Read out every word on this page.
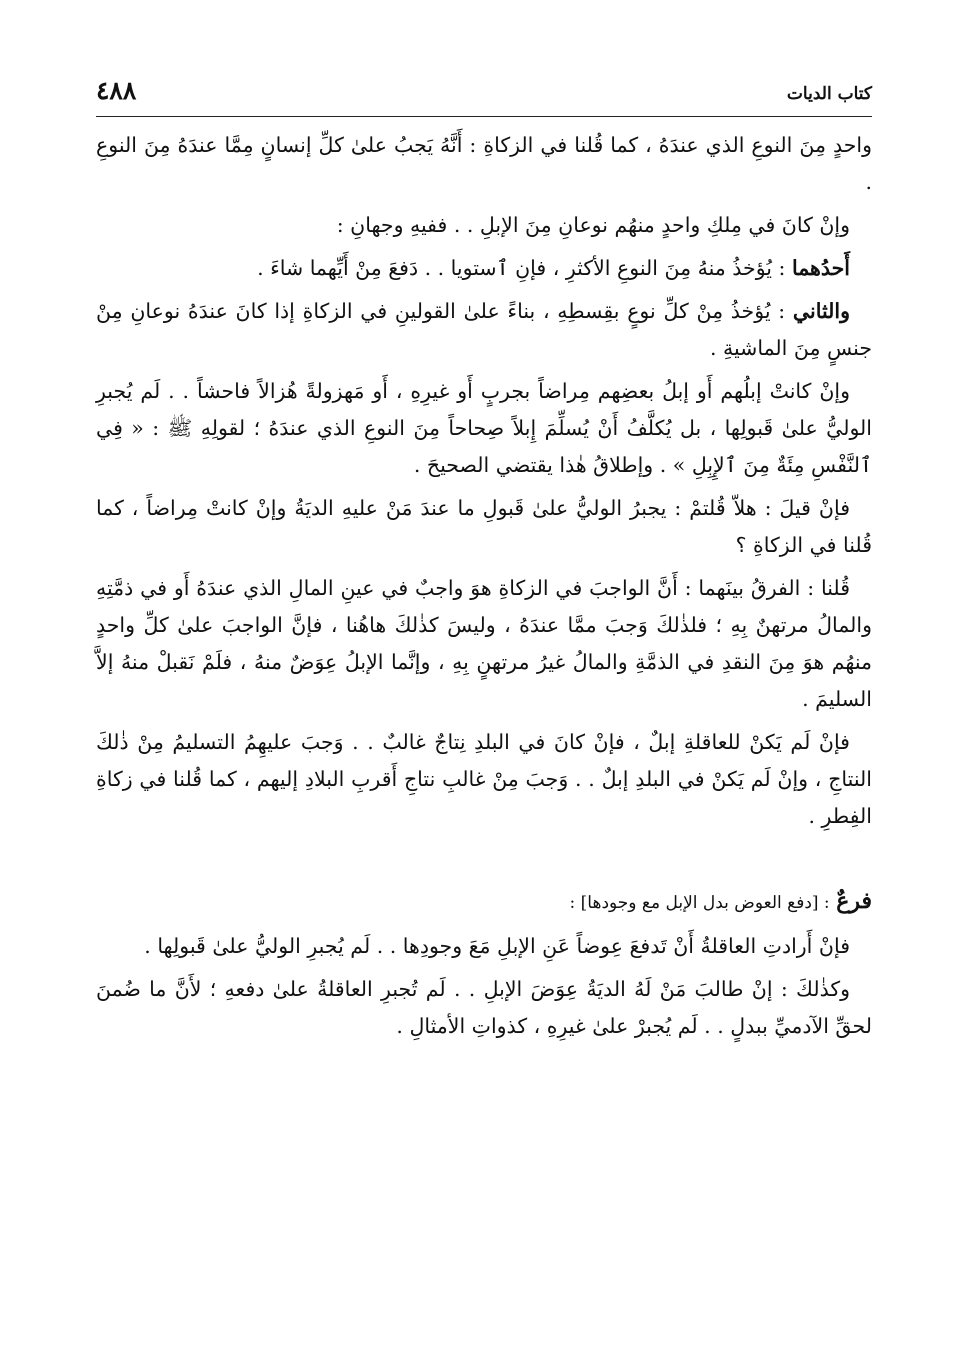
كتاب الديات
٤٨٨

واحدٍ مِنَ النوعِ الذي عندَهُ ، كما قُلنا في الزكاةِ : أَنَّهُ يَجبُ علىٰ كلِّ إنسانٍ مِمَّا عندَهُ مِنَ النوعِ .

وإنْ كانَ في مِلكِ واحدٍ منهُم نوعانِ مِنَ الإبلِ . . ففيهِ وجهانِ :

أَحدُهما : يُؤخذُ منهُ مِنَ النوعِ الأكثرِ ، فإنِ ٱستويا . . دَفعَ مِنْ أَيِّهما شاءَ .

والثاني : يُؤخذُ مِنْ كلِّ نوعٍ بقِسطِهِ ، بناءً علىٰ القولينِ في الزكاةِ إذا كانَ عندَهُ نوعانِ مِنْ جنسٍ مِنَ الماشيةِ .

وإنْ كانتْ إبلُهم أَو إبلُ بعضِهم مِراضاً بجربٍ أَو غيرِهِ ، أَو مَهزولةً هُزالاً فاحشاً . . لَم يُجبرِ الوليُّ علىٰ قَبولِها ، بل يُكلَّفُ أَنْ يُسلِّمَ إِبلاً صِحاحاً مِنَ النوعِ الذي عندَهُ ؛ لقولِهِ ﷺ : « فِي ٱلنَّفْسِ مِئَةٌ مِنَ ٱلإِبِلِ » . وإطلاقُ هٰذا يقتضي الصحيحَ .

فإنْ قيلَ : هلاّ قُلتمْ : يجبرُ الوليُّ علىٰ قَبولِ ما عندَ مَنْ عليهِ الديَةُ وإنْ كانتْ مِراضاً ، كما قُلنا في الزكاةِ ؟

قُلنا : الفرقُ بينَهما : أَنَّ الواجبَ في الزكاةِ هوَ واجبٌ في عينِ المالِ الذي عندَهُ أَو في ذمَّتِهِ والمالُ مرتهنٌ بِهِ ؛ فلذٰلكَ وَجبَ ممَّا عندَهُ ، وليسَ كذٰلكَ هاهُنا ، فإنَّ الواجبَ علىٰ كلِّ واحدٍ منهُم هوَ مِنَ النقدِ في الذمَّةِ والمالُ غيرُ مرتهنٍ بِهِ ، وإنَّما الإبلُ عِوَضٌ منهُ ، فلَمْ نَقبلْ منهُ إلاَّ السليمَ .

فإنْ لَم يَكنْ للعاقلةِ إبلٌ ، فإنْ كانَ في البلدِ نِتاجٌ غالبٌ . . وَجبَ عليهِمُ التسليمُ مِنْ ذٰلكَ النتاجِ ، وإنْ لَم يَكنْ في البلدِ إبلٌ . . وَجبَ مِنْ غالبِ نتاجِ أَقربِ البلادِ إليهم ، كما قُلنا في زكاةِ الفِطرِ .

فرعٌ : [دفع العوض بدل الإبل مع وجودها] :

فإنْ أَرادتِ العاقلةُ أَنْ تَدفعَ عِوضاً عَنِ الإبلِ مَعَ وجودِها . . لَم يُجبرِ الوليُّ علىٰ قَبولِها .

وكذٰلكَ : إنْ طالبَ مَنْ لَهُ الديَةُ عِوَضَ الإبلِ . . لَم تُجبرِ العاقلةُ علىٰ دفعهِ ؛ لأَنَّ ما ضُمنَ لحقِّ الآدميِّ ببدلٍ . . لَم يُجبرْ علىٰ غيرِهِ ، كذواتِ الأمثالِ .
